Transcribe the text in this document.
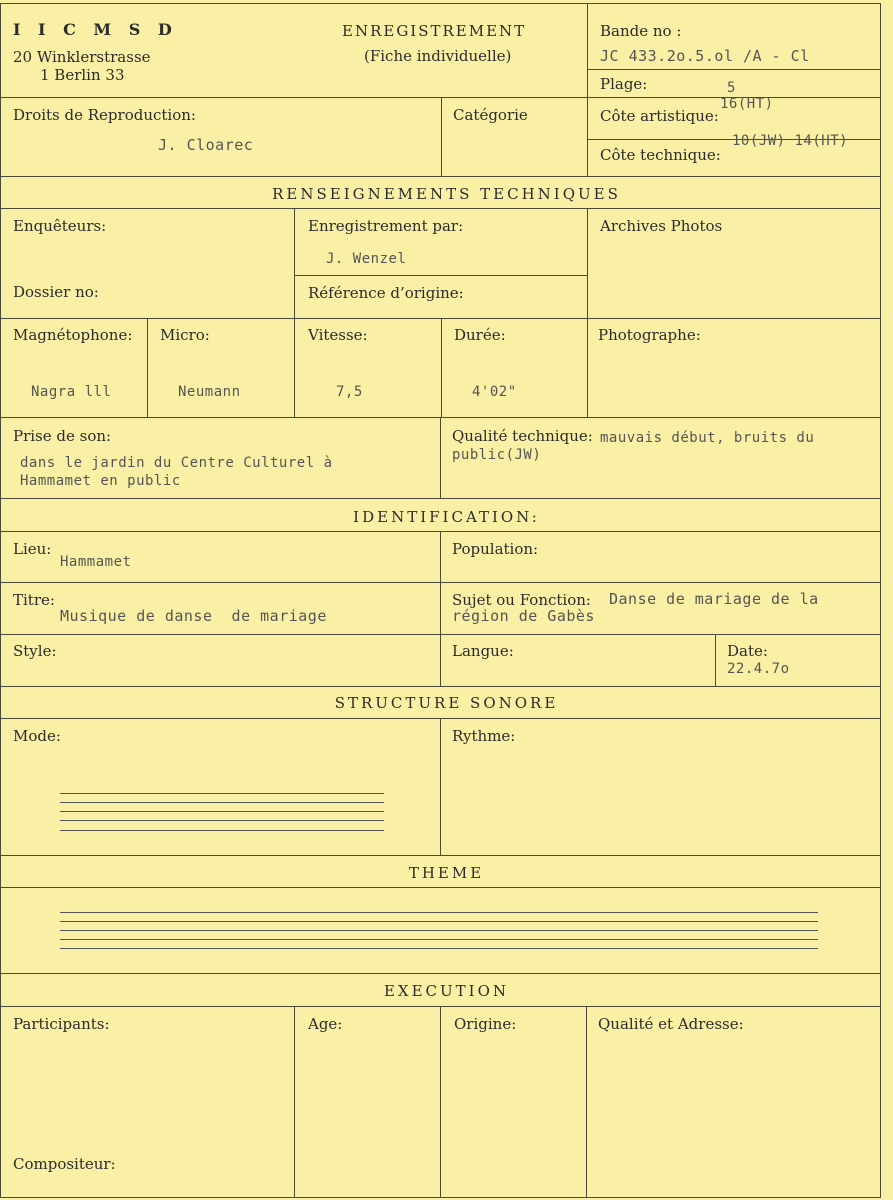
I I C M S D
20 Winklerstrasse
1 Berlin 33
ENREGISTREMENT
(Fiche individuelle)
Bande no :
JC 433.2o.5.ol /A - Cl
Plage:	5
Droits de Reproduction:
J. Cloarec
Catégorie	Côte artistique:
16(HT)
Côte technique:
10(JW) 14(HT)
RENSEIGNEMENTS TECHNIQUES
Enquêteurs:	Enregistrement par:
J. Wenzel
Archives Photos
Dossier no:	Référence d’origine:
Magnétophone:
Nagra lll
Micro:
Neumann
Vitesse:
7,5
Durée:
4'02"
Photographe:
Prise de son:
dans le jardin du Centre Culturel à
Hammamet en public
Qualité technique: mauvais début, bruits du
public(JW)
IDENTIFICATION:
Lieu:
Hammamet
Population:
Titre:
Musique de danse  de mariage
Sujet ou Fonction: Danse de mariage de la
région de Gabès
Style:	Langue:	Date:
22.4.7o
STRUCTURE SONORE
Mode:	Rythme:
THEME
EXECUTION
Participants:	Age:	Origine:	Qualité et Adresse:
Compositeur:
